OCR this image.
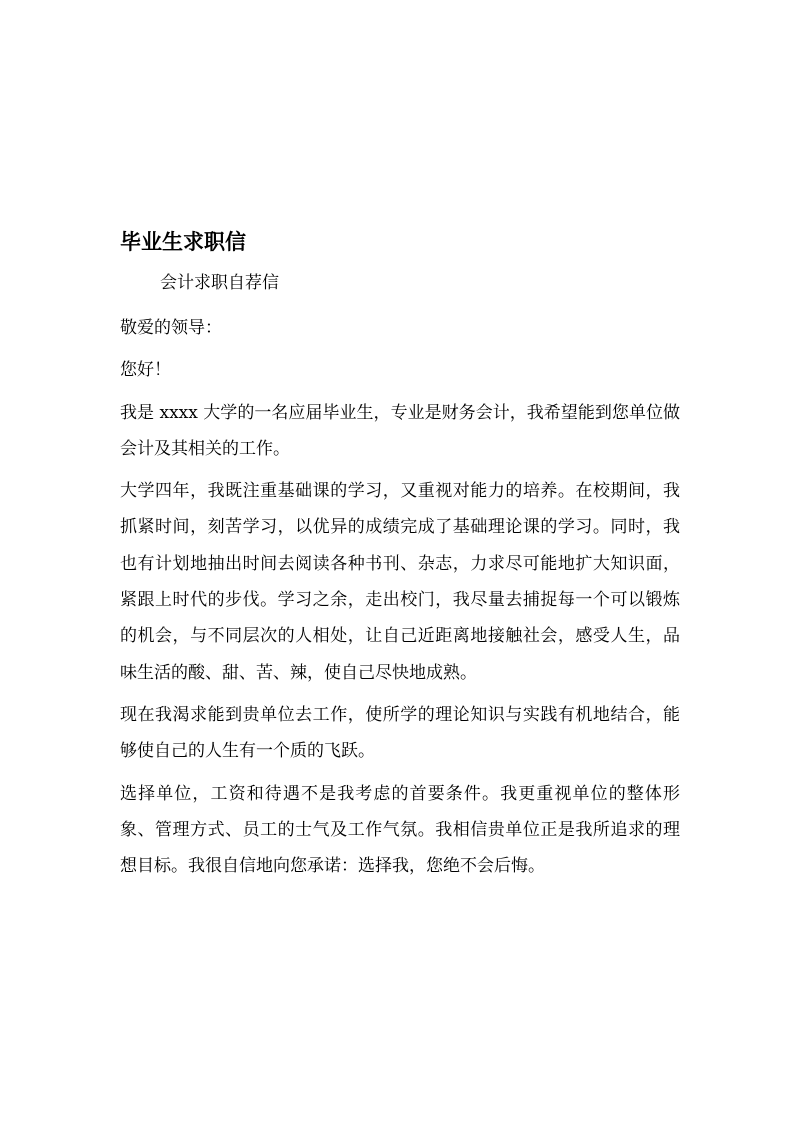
毕业生求职信
会计求职自荐信

敬爱的领导：

您好！

我是 xxxx 大学的一名应届毕业生，专业是财务会计，我希望能到您单位做会计及其相关的工作。

大学四年，我既注重基础课的学习，又重视对能力的培养。在校期间，我抓紧时间，刻苦学习，以优异的成绩完成了基础理论课的学习。同时，我也有计划地抽出时间去阅读各种书刊、杂志，力求尽可能地扩大知识面，紧跟上时代的步伐。学习之余，走出校门，我尽量去捕捉每一个可以锻炼的机会，与不同层次的人相处，让自己近距离地接触社会，感受人生，品味生活的酸、甜、苦、辣，使自己尽快地成熟。

现在我渴求能到贵单位去工作，使所学的理论知识与实践有机地结合，能够使自己的人生有一个质的飞跃。

选择单位，工资和待遇不是我考虑的首要条件。我更重视单位的整体形象、管理方式、员工的士气及工作气氛。我相信贵单位正是我所追求的理想目标。我很自信地向您承诺：选择我，您绝不会后悔。
